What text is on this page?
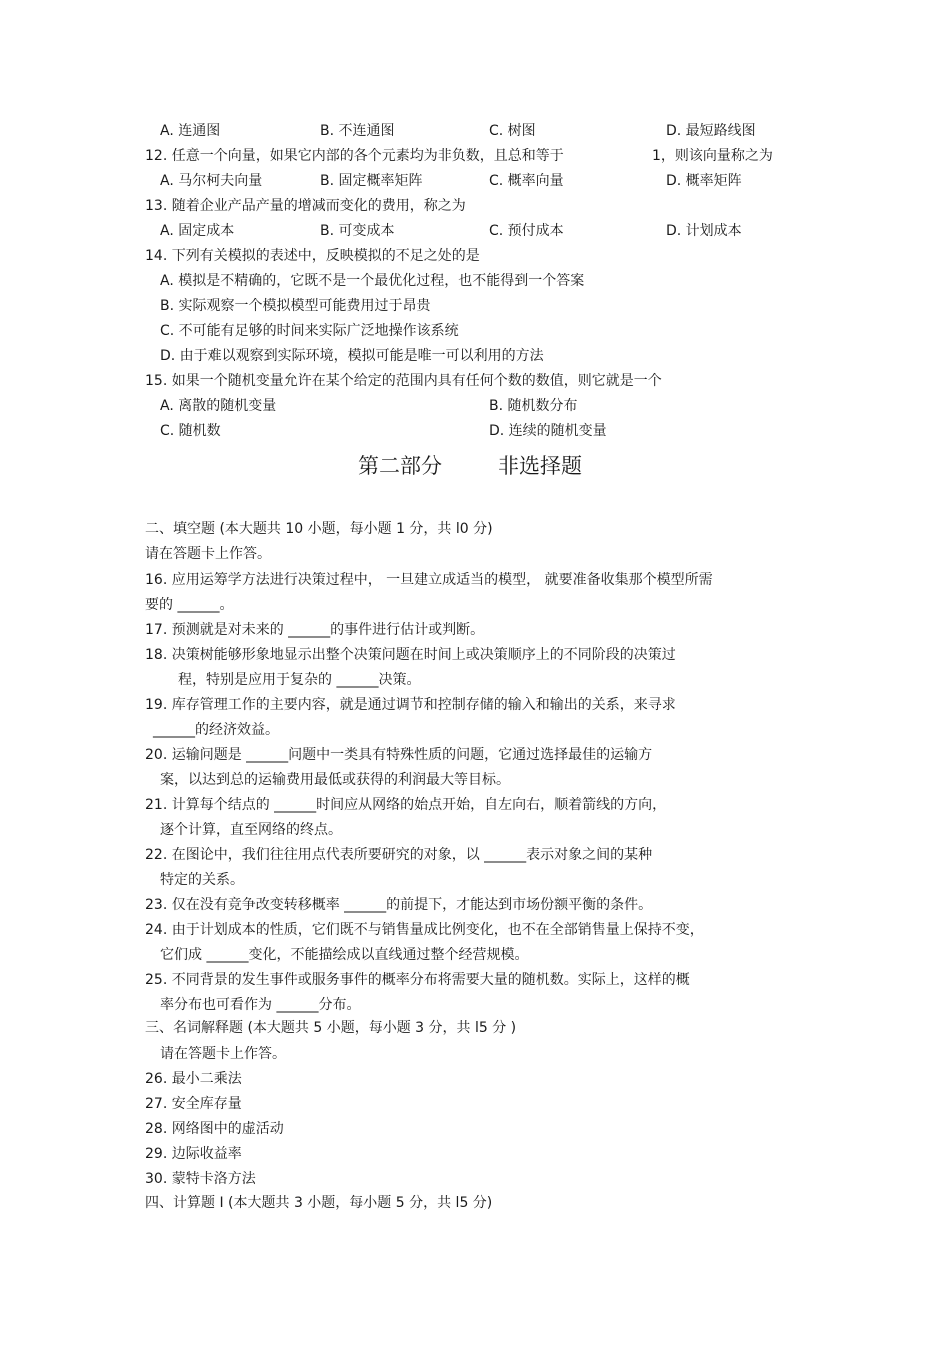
A. 连通图	B. 不连通图	C. 树图	D. 最短路线图
12. 任意一个向量，如果它内部的各个元素均为非负数，且总和等于	1，则该向量称之为
A. 马尔柯夫向量	B. 固定概率矩阵	C. 概率向量	D. 概率矩阵
13. 随着企业产品产量的增减而变化的费用，称之为
A. 固定成本	B. 可变成本	C. 预付成本	D. 计划成本
14. 下列有关模拟的表述中，反映模拟的不足之处的是
A. 模拟是不精确的，它既不是一个最优化过程，也不能得到一个答案
B. 实际观察一个模拟模型可能费用过于昂贵
C. 不可能有足够的时间来实际广泛地操作该系统
D. 由于难以观察到实际环境，模拟可能是唯一可以利用的方法
15. 如果一个随机变量允许在某个给定的范围内具有任何个数的数值，则它就是一个
A. 离散的随机变量	B. 随机数分布
C. 随机数	D. 连续的随机变量
第二部分	非选择题
二、填空题 (本大题共 10 小题，每小题 1 分，共 l0 分)
请在答题卡上作答。
16. 应用运筹学方法进行决策过程中， 一旦建立成适当的模型， 就要准备收集那个模型所需
要的 ______。
17. 预测就是对未来的 ______的事件进行估计或判断。
18. 决策树能够形象地显示出整个决策问题在时间上或决策顺序上的不同阶段的决策过
程，特别是应用于复杂的 ______决策。
19. 库存管理工作的主要内容，就是通过调节和控制存储的输入和输出的关系，来寻求
______的经济效益。
20. 运输问题是 ______问题中一类具有特殊性质的问题，它通过选择最佳的运输方
案，以达到总的运输费用最低或获得的利润最大等目标。
21. 计算每个结点的 ______时间应从网络的始点开始，自左向右，顺着箭线的方向，
逐个计算，直至网络的终点。
22. 在图论中，我们往往用点代表所要研究的对象，以 ______表示对象之间的某种
特定的关系。
23. 仅在没有竞争改变转移概率 ______的前提下，才能达到市场份额平衡的条件。
24. 由于计划成本的性质，它们既不与销售量成比例变化，也不在全部销售量上保持不变，
它们成 ______变化，不能描绘成以直线通过整个经营规模。
25. 不同背景的发生事件或服务事件的概率分布将需要大量的随机数。实际上，这样的概
率分布也可看作为 ______分布。
三、名词解释题 (本大题共 5 小题，每小题 3 分，共 l5 分 )
请在答题卡上作答。
26. 最小二乘法
27. 安全库存量
28. 网络图中的虚活动
29. 边际收益率
30. 蒙特卡洛方法
四、计算题 Ⅰ (本大题共 3 小题，每小题 5 分，共 l5 分)
